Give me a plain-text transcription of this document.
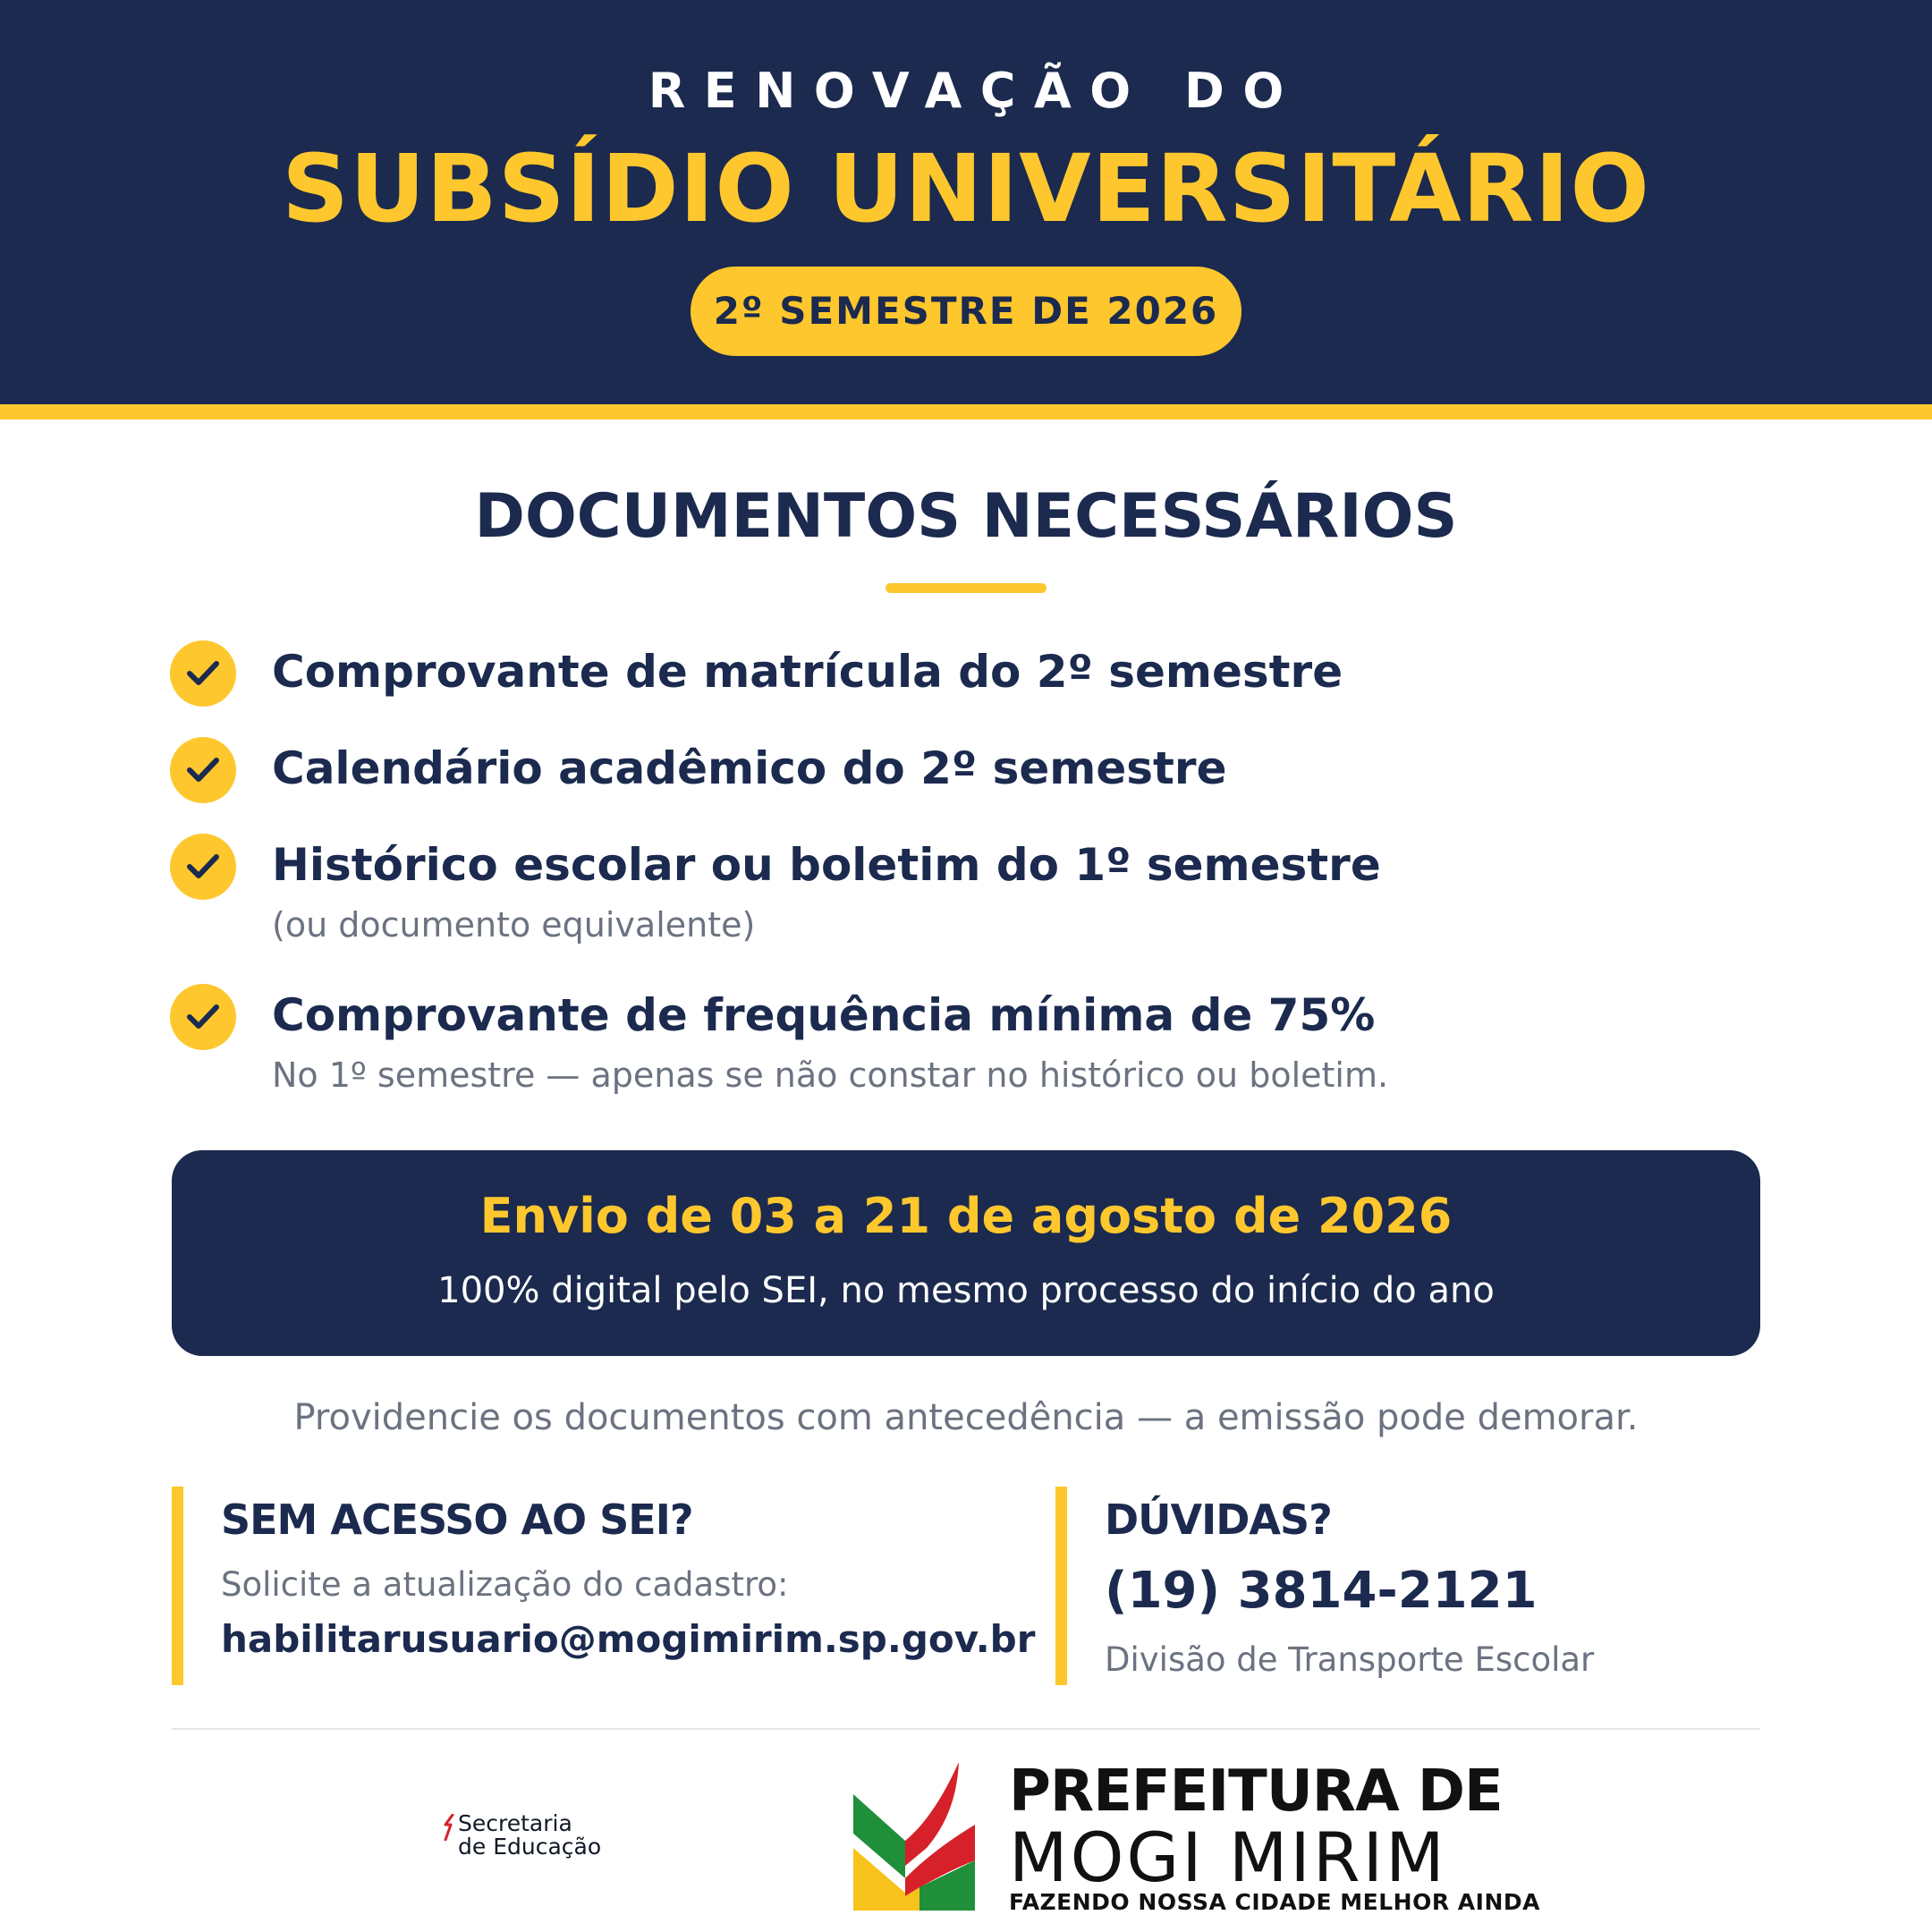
RENOVAÇÃO DO
SUBSÍDIO UNIVERSITÁRIO
2º SEMESTRE DE 2026
DOCUMENTOS NECESSÁRIOS
Comprovante de matrícula do 2º semestre
Calendário acadêmico do 2º semestre
Histórico escolar ou boletim do 1º semestre
(ou documento equivalente)
Comprovante de frequência mínima de 75%
No 1º semestre — apenas se não constar no histórico ou boletim.
Envio de 03 a 21 de agosto de 2026
100% digital pelo SEI, no mesmo processo do início do ano
Providencie os documentos com antecedência — a emissão pode demorar.
SEM ACESSO AO SEI?
Solicite a atualização do cadastro:
habilitarusuario@mogimirim.sp.gov.br
DÚVIDAS?
(19) 3814-2121
Divisão de Transporte Escolar
Secretaria
de Educação
PREFEITURA DE
MOGI MIRIM
FAZENDO NOSSA CIDADE MELHOR AINDA
